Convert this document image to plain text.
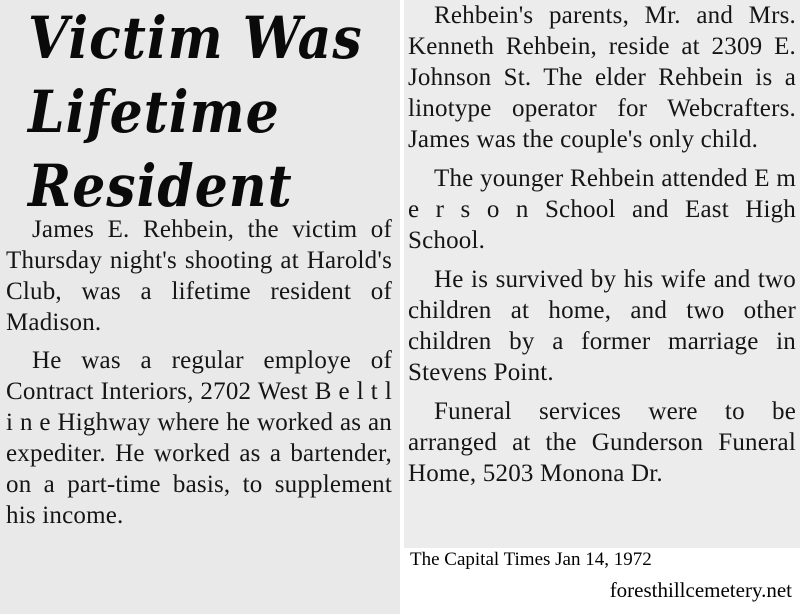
Victim Was
Lifetime
Resident

James E. Rehbein, the victim of Thursday night's shooting at Harold's Club, was a lifetime resident of Madison.

He was a regular employe of Contract Interiors, 2702 West B e l t l i n e Highway where he worked as an expediter. He worked as a bartender, on a part-time basis, to supplement his income.

Rehbein's parents, Mr. and Mrs. Kenneth Rehbein, reside at 2309 E. Johnson St. The elder Rehbein is a linotype operator for Webcrafters. James was the couple's only child.

The younger Rehbein attended E m e r s o n School and East High School.

He is survived by his wife and two children at home, and two other children by a former marriage in Stevens Point.

Funeral services were to be arranged at the Gunderson Funeral Home, 5203 Monona Dr.

The Capital Times Jan 14, 1972
foresthillcemetery.net
